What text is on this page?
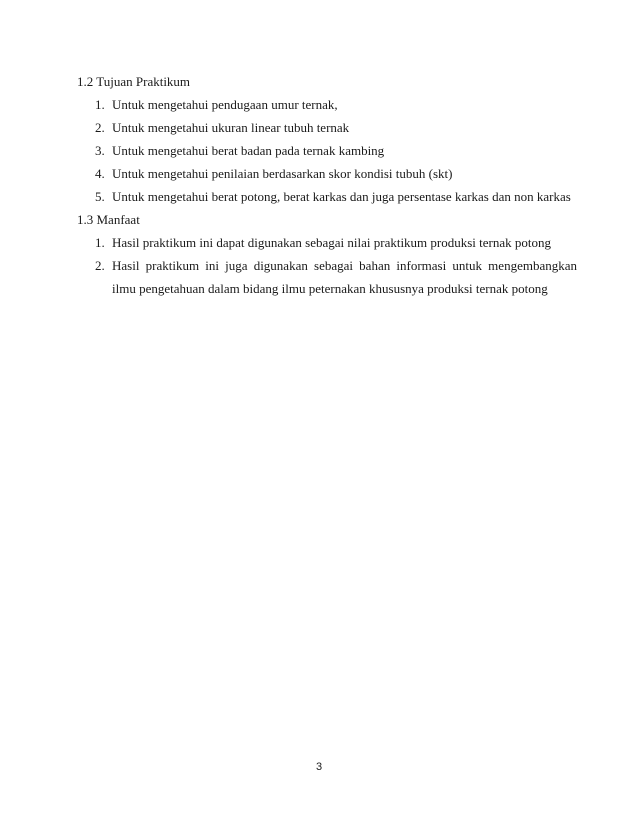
1.2 Tujuan Praktikum
1. Untuk mengetahui pendugaan umur ternak,
2. Untuk mengetahui ukuran linear tubuh ternak
3. Untuk mengetahui berat badan pada ternak kambing
4. Untuk mengetahui penilaian berdasarkan skor kondisi tubuh (skt)
5. Untuk mengetahui berat potong, berat karkas dan juga persentase karkas dan non karkas
1.3 Manfaat
1. Hasil praktikum ini dapat digunakan sebagai nilai praktikum produksi ternak potong
2. Hasil praktikum ini juga digunakan sebagai bahan informasi untuk mengembangkan ilmu pengetahuan dalam bidang ilmu peternakan khususnya produksi ternak potong
3
